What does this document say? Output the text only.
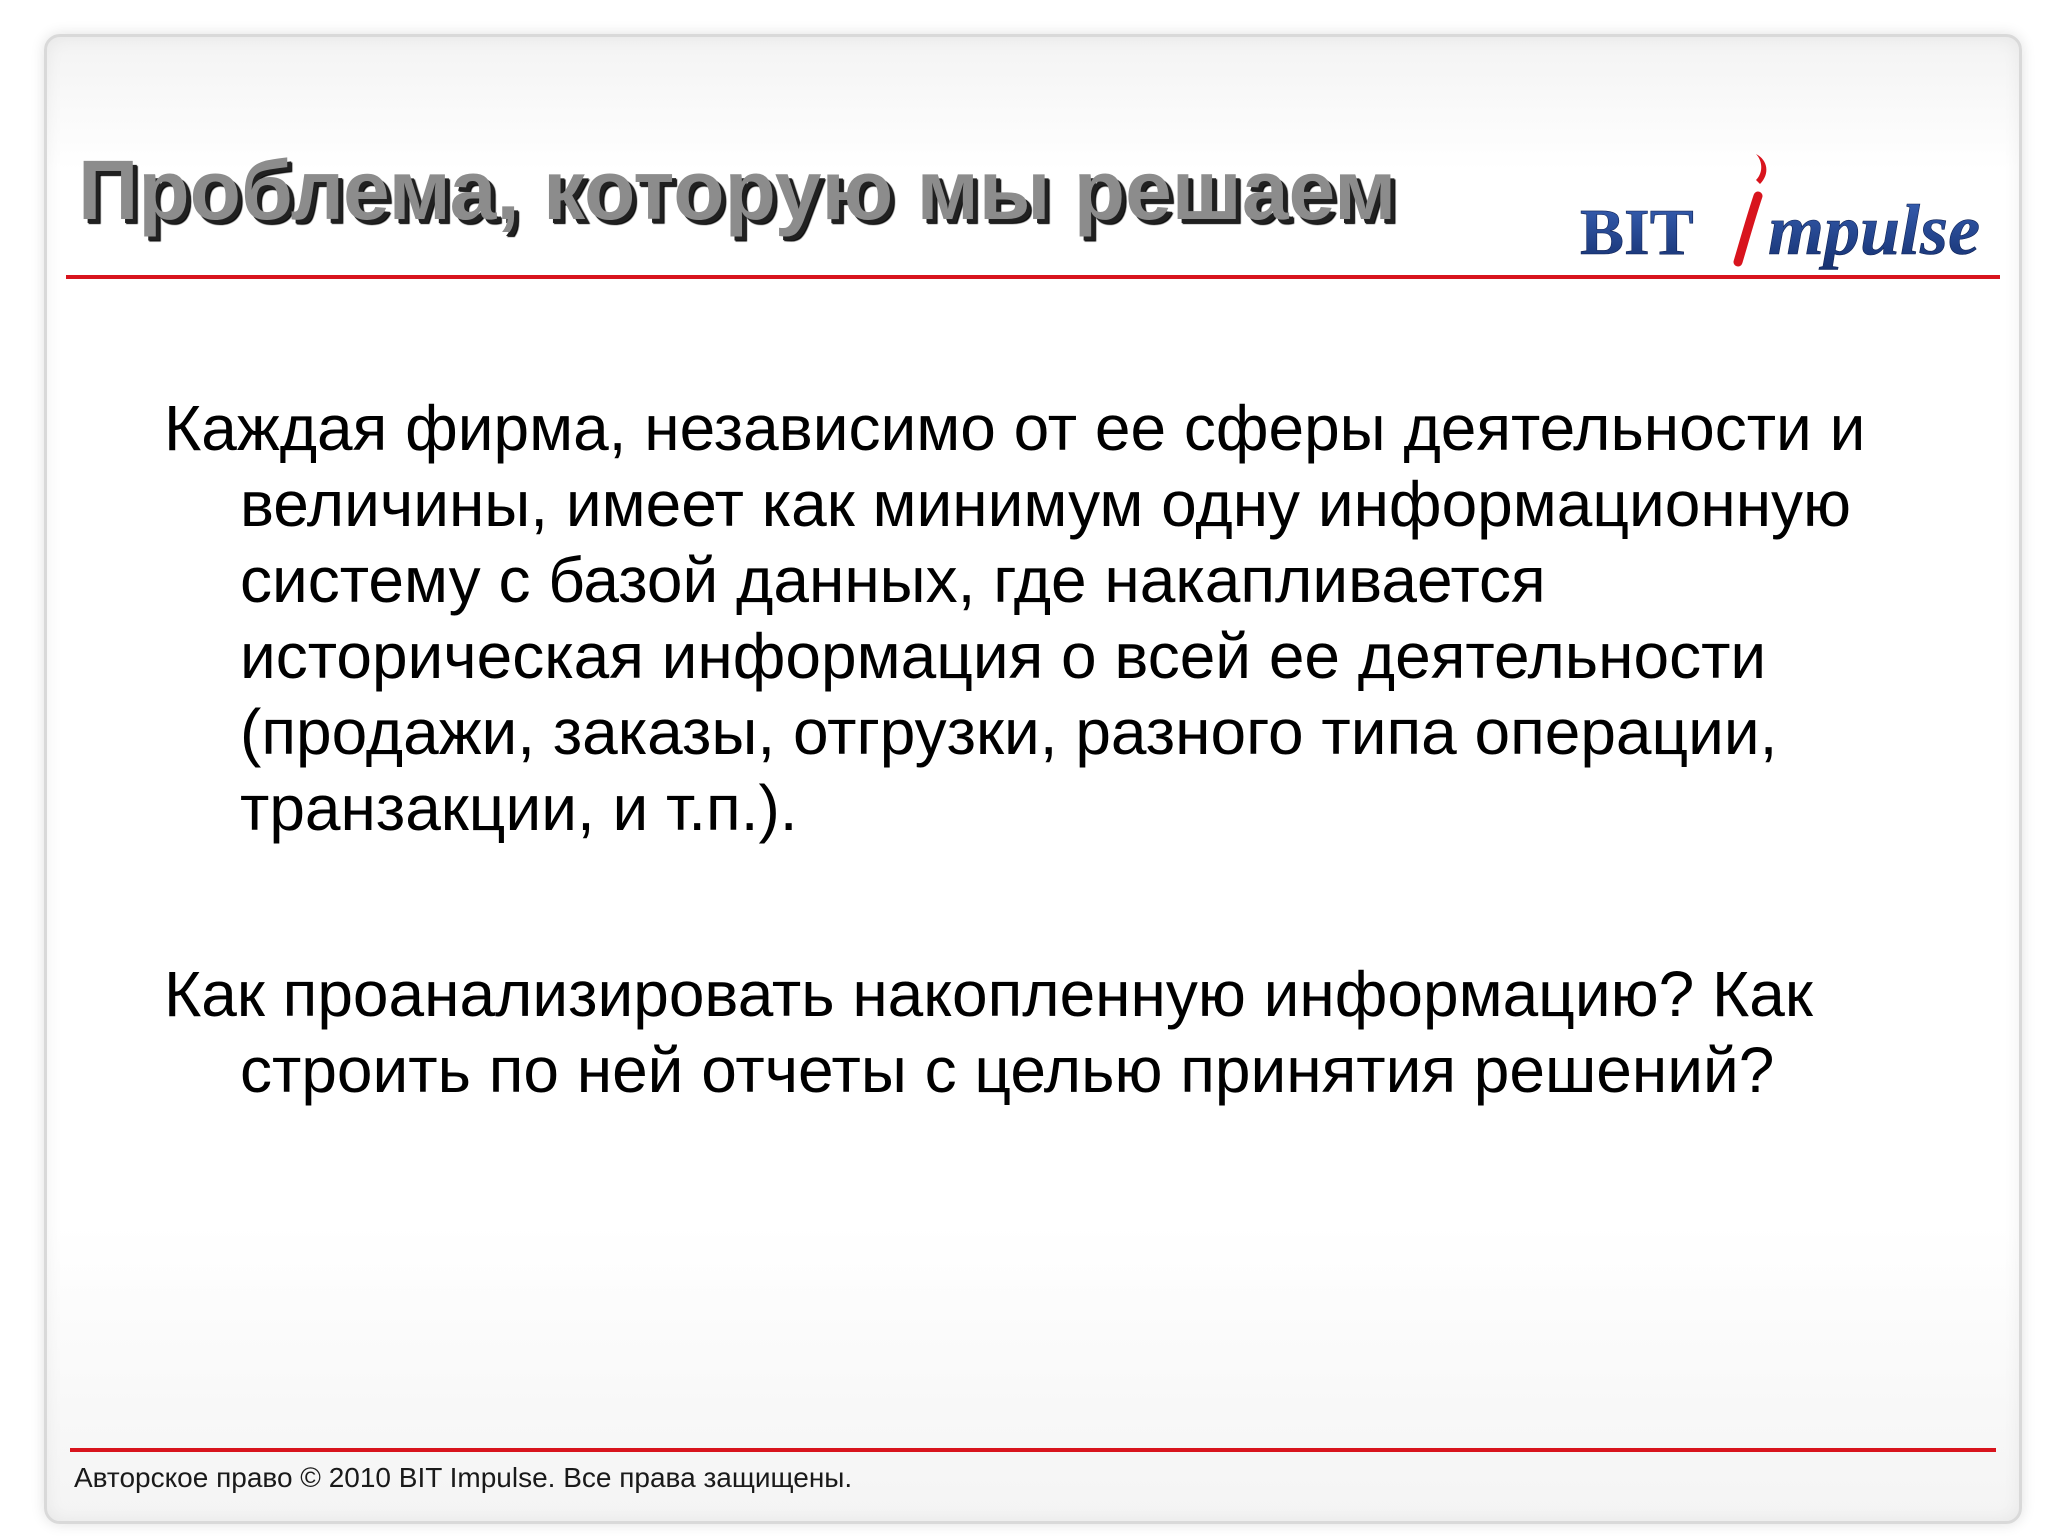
Проблема, которую мы решаем	BIT mpulse

Каждая фирма, независимо от ее сферы деятельности и величины, имеет как минимум одну информационную систему с базой данных, где накапливается историческая информация о всей ее деятельности (продажи, заказы, отгрузки, разного типа операции, транзакции, и т.п.).

Как проанализировать накопленную информацию? Как строить по ней отчеты с целью принятия решений?

Авторское право © 2010 BIT Impulse. Все права защищены.
